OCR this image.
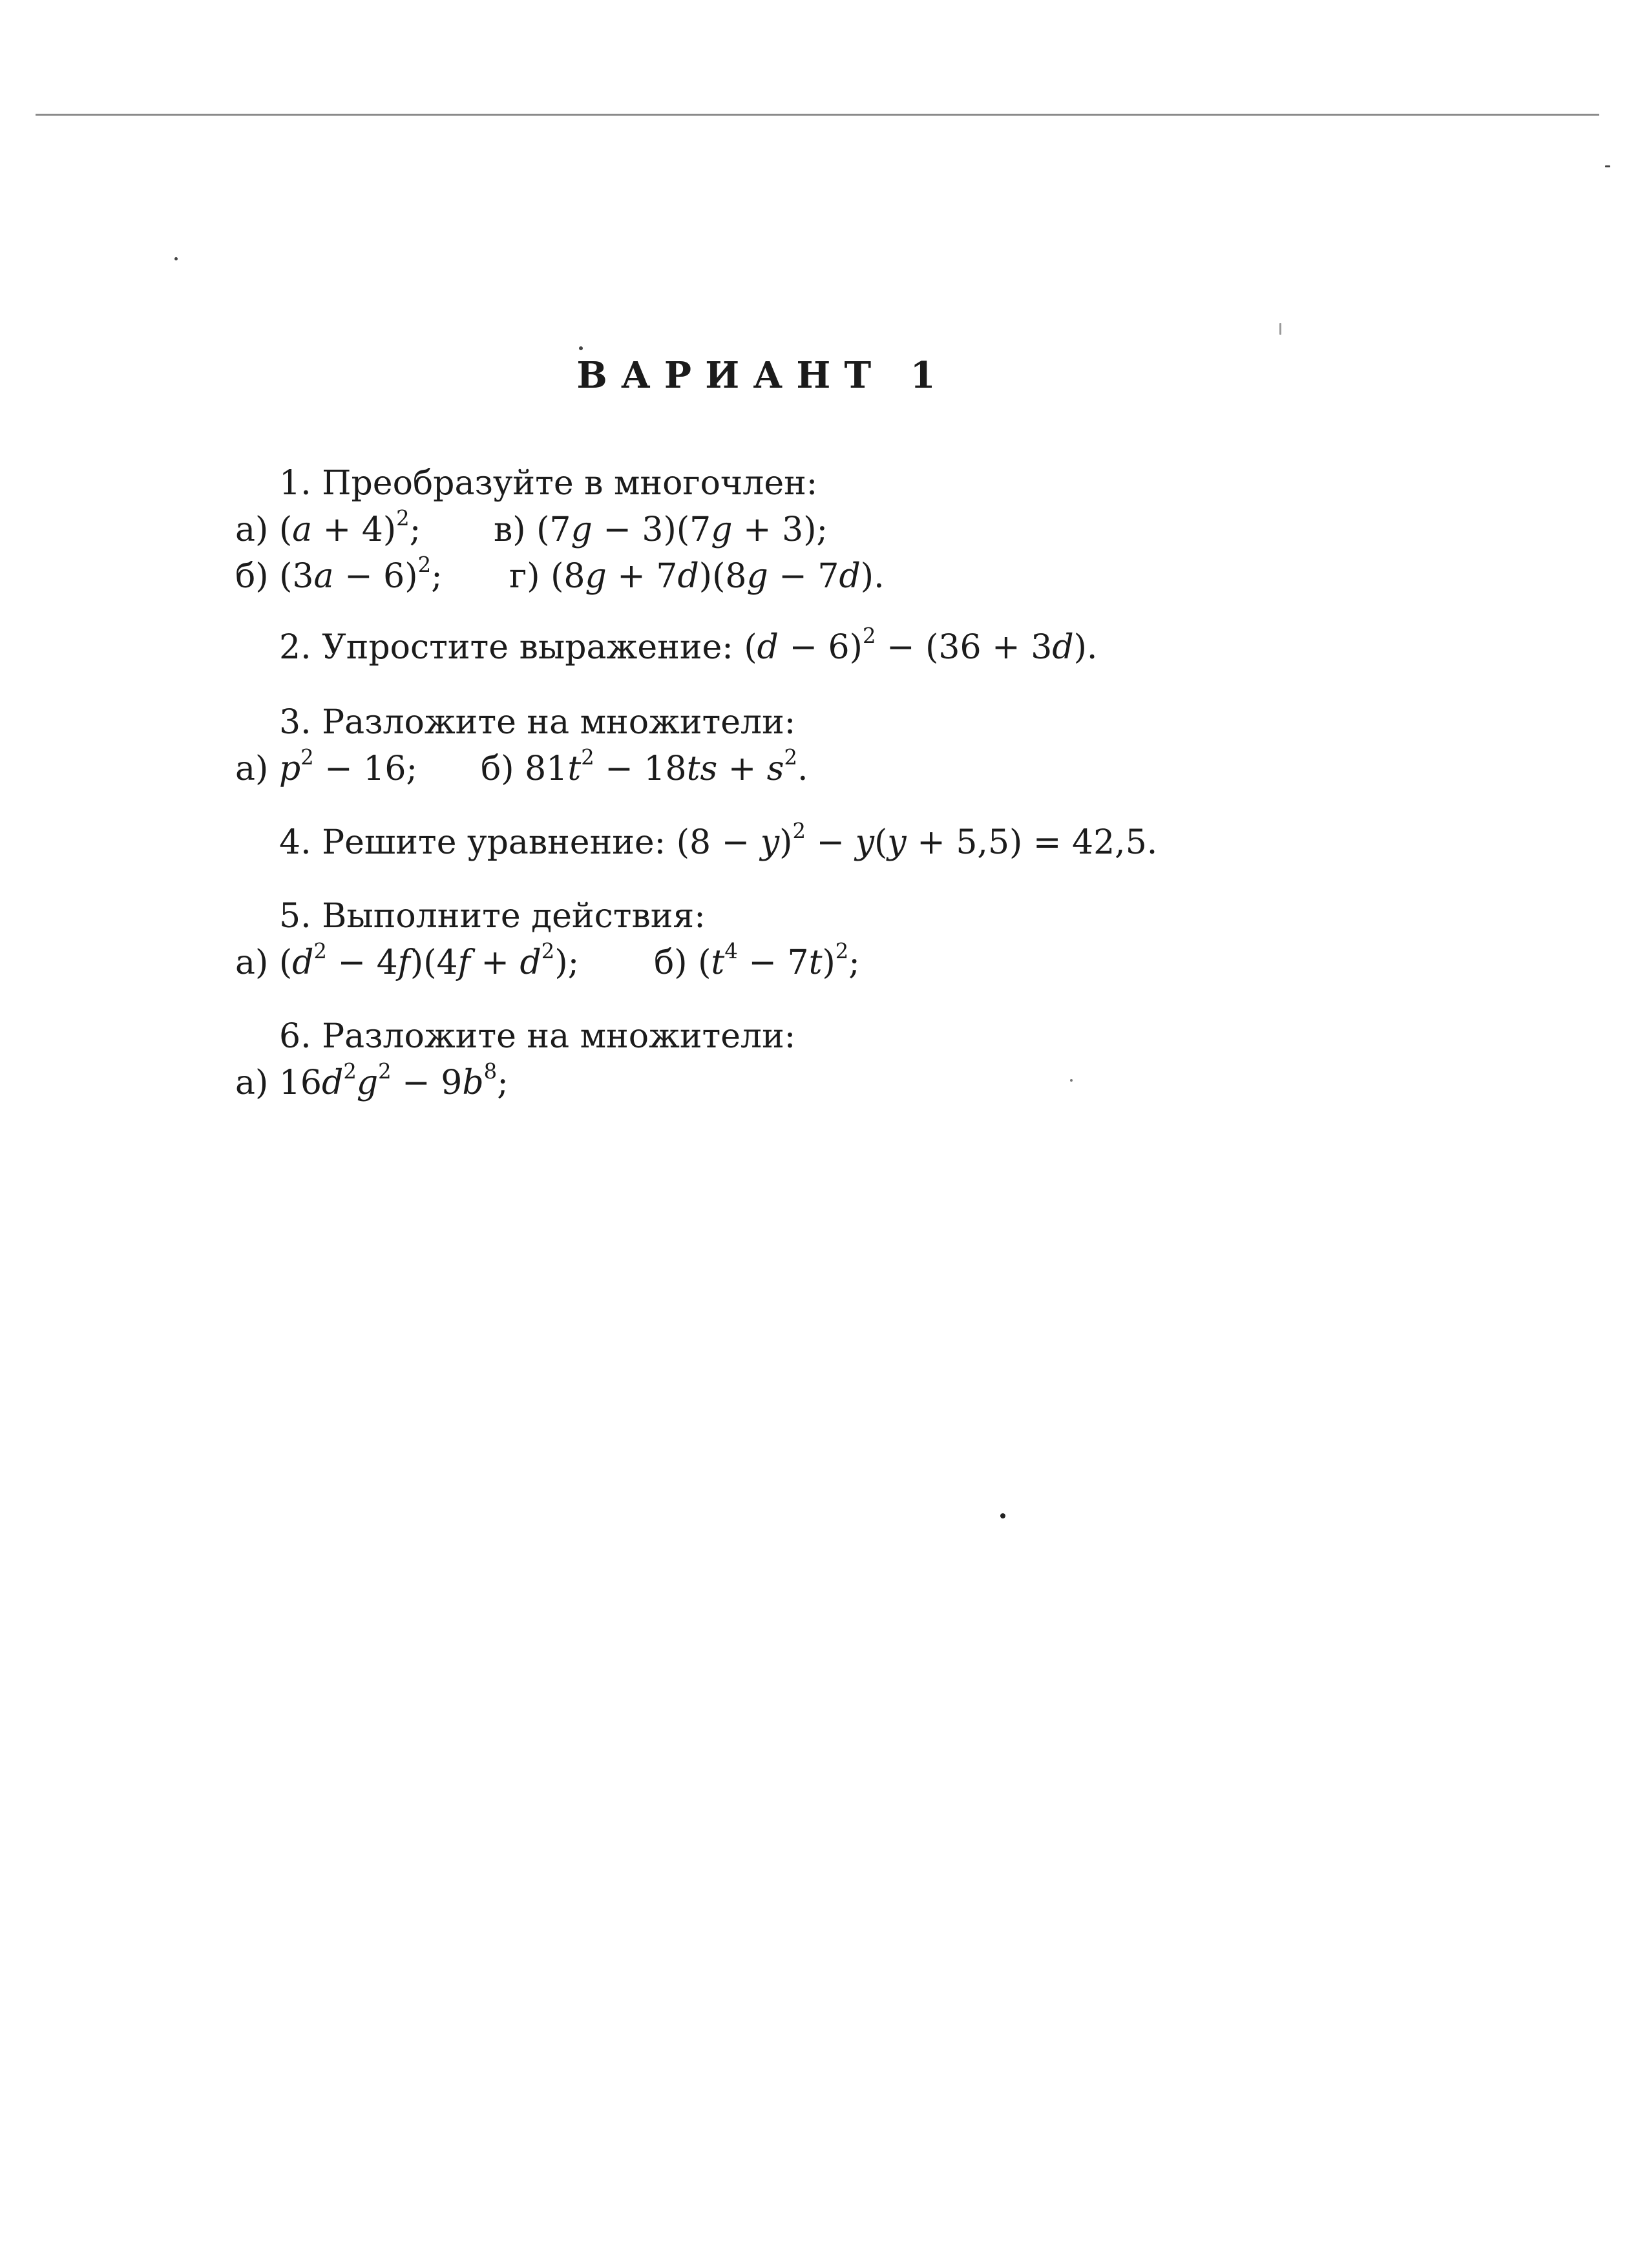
ВАРИАНТ 1
1. Преобразуйте в многочлен:
а) $(a + 4)^2$; в) (7g − 3)(7g + 3);
б) $(3a - 6)^2$; г) (8g + 7d)(8g − 7d).
2. Упростите выражение: $(d - 6)^2 - (36 + 3d)$.
3. Разложите на множители:
а) $p^2 - 16$; б) $81t^2 - 18ts + s^2$.
4. Решите уравнение: $(8 - y)^2 - y(y + 5,5) = 42,5$.
5. Выполните действия:
а) $(d^2 - 4f)(4f + d^2)$; б) $(t^4 - 7t)^2$;
6. Разложите на множители:
а) $16d^2g^2 - 9b^8$;
